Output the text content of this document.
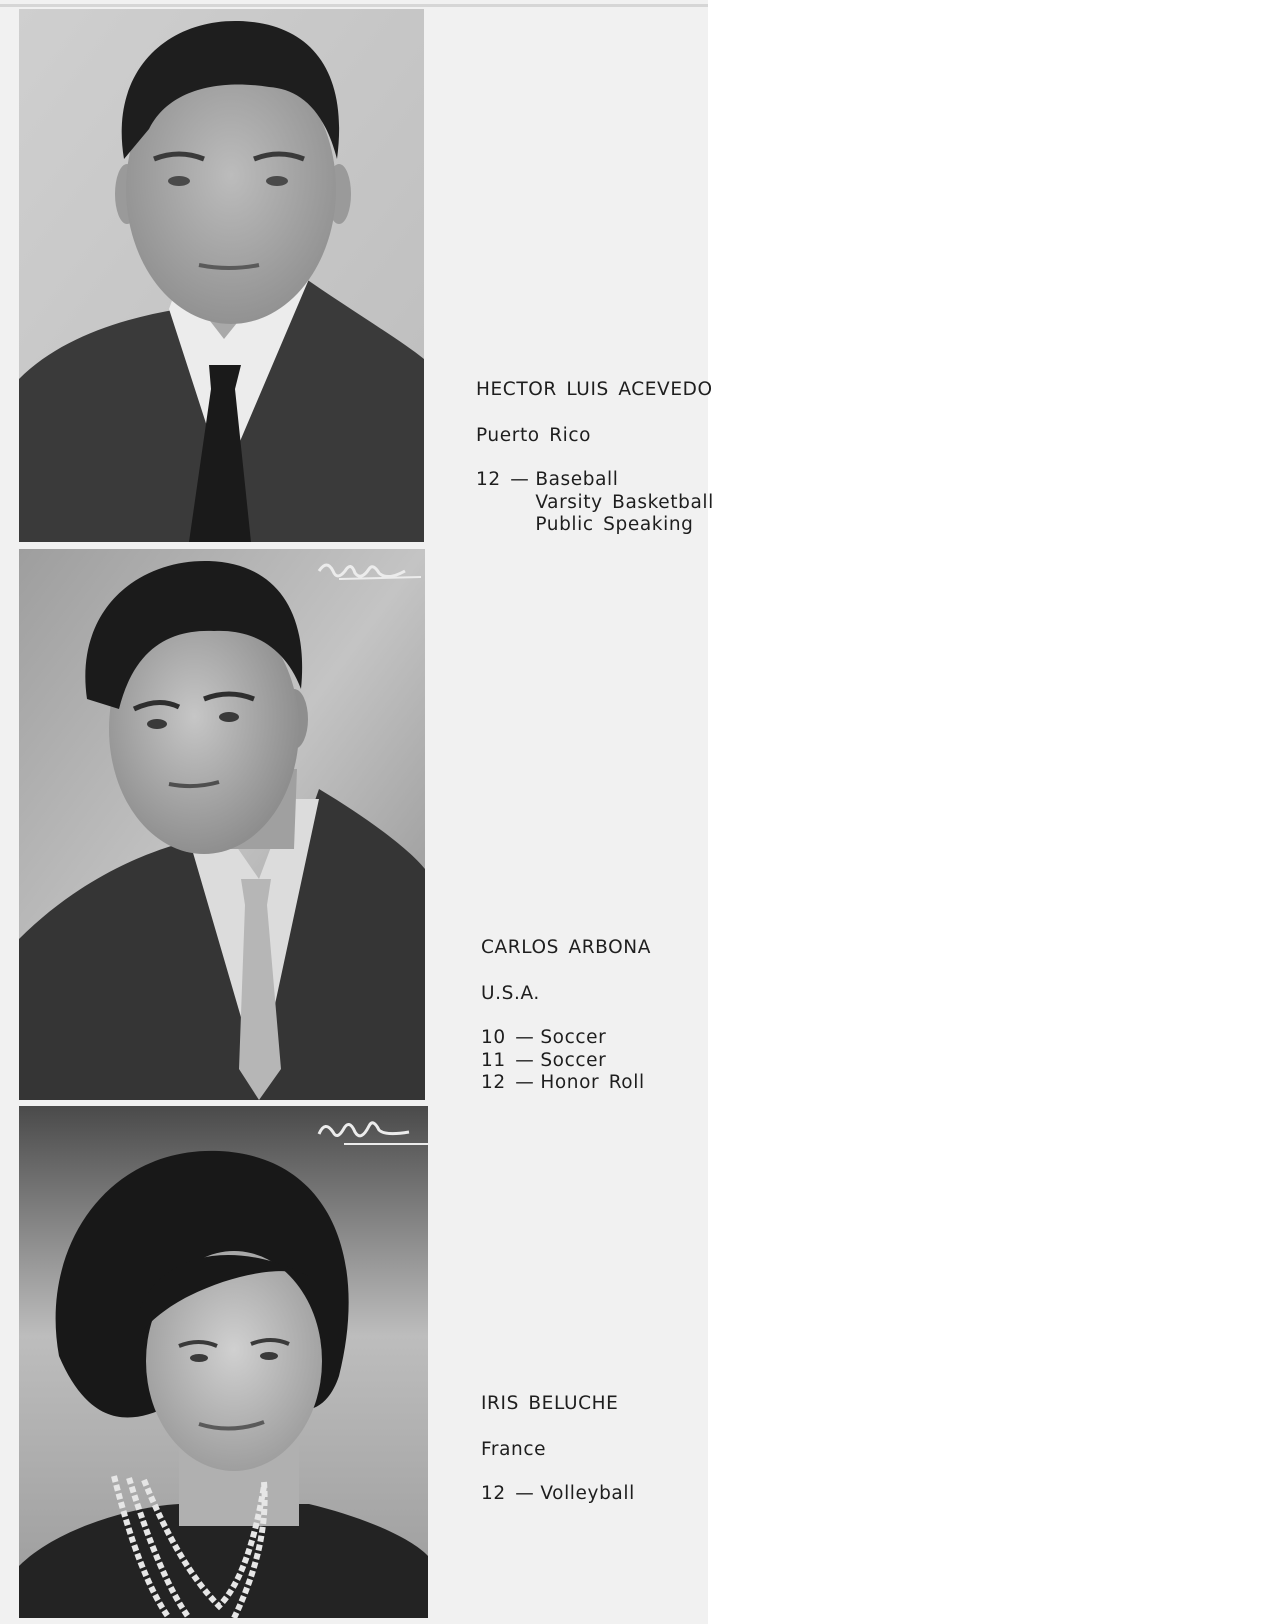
HECTOR LUIS ACEVEDO
Puerto Rico
12 —	Baseball
	Varsity Basketball
	Public Speaking
CARLOS ARBONA
U.S.A.
10 —	Soccer
11 —	Soccer
12 —	Honor Roll
IRIS BELUCHE
France
12 —	Volleyball
